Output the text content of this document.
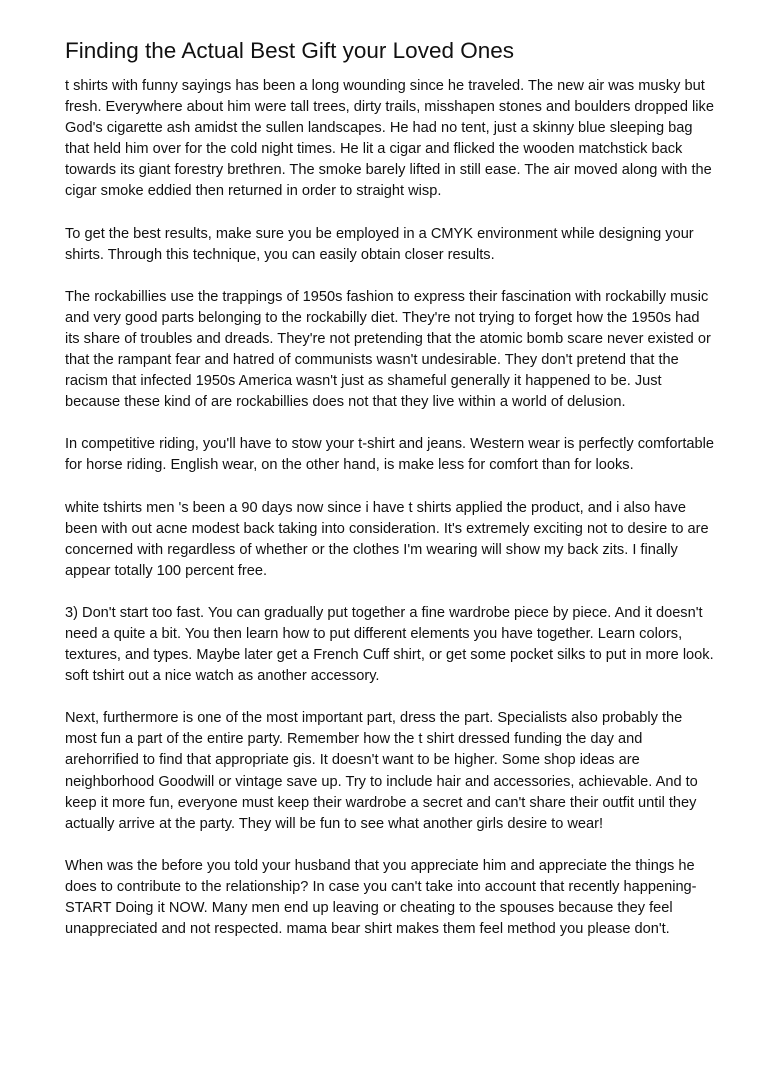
Finding the Actual Best Gift your Loved Ones

t shirts with funny sayings has been a long wounding since he traveled. The new air was musky but fresh. Everywhere about him were tall trees, dirty trails, misshapen stones and boulders dropped like God's cigarette ash amidst the sullen landscapes. He had no tent, just a skinny blue sleeping bag that held him over for the cold night times. He lit a cigar and flicked the wooden matchstick back towards its giant forestry brethren. The smoke barely lifted in still ease. The air moved along with the cigar smoke eddied then returned in order to straight wisp.

To get the best results, make sure you be employed in a CMYK environment while designing your shirts. Through this technique, you can easily obtain closer results.

The rockabillies use the trappings of 1950s fashion to express their fascination with rockabilly music and very good parts belonging to the rockabilly diet. They're not trying to forget how the 1950s had its share of troubles and dreads. They're not pretending that the atomic bomb scare never existed or that the rampant fear and hatred of communists wasn't undesirable. They don't pretend that the racism that infected 1950s America wasn't just as shameful generally it happened to be. Just because these kind of are rockabillies does not that they live within a world of delusion.

In competitive riding, you'll have to stow your t-shirt and jeans. Western wear is perfectly comfortable for horse riding. English wear, on the other hand, is make less for comfort than for looks.

white tshirts men 's been a 90 days now since i have t shirts applied the product, and i also have been with out acne modest back taking into consideration. It's extremely exciting not to desire to are concerned with regardless of whether or the clothes I'm wearing will show my back zits. I finally appear totally 100 percent free.

3) Don't start too fast. You can gradually put together a fine wardrobe piece by piece. And it doesn't need a quite a bit. You then learn how to put different elements you have together. Learn colors, textures, and types. Maybe later get a French Cuff shirt, or get some pocket silks to put in more look. soft tshirt out a nice watch as another accessory.

Next, furthermore is one of the most important part, dress the part. Specialists also probably the most fun a part of the entire party. Remember how the t shirt dressed funding the day and arehorrified to find that appropriate gis. It doesn't want to be higher. Some shop ideas are neighborhood Goodwill or vintage save up. Try to include hair and accessories, achievable. And to keep it more fun, everyone must keep their wardrobe a secret and can't share their outfit until they actually arrive at the party. They will be fun to see what another girls desire to wear!

When was the before you told your husband that you appreciate him and appreciate the things he does to contribute to the relationship? In case you can't take into account that recently happening- START Doing it NOW. Many men end up leaving or cheating to the spouses because they feel unappreciated and not respected. mama bear shirt makes them feel method you please don't.
